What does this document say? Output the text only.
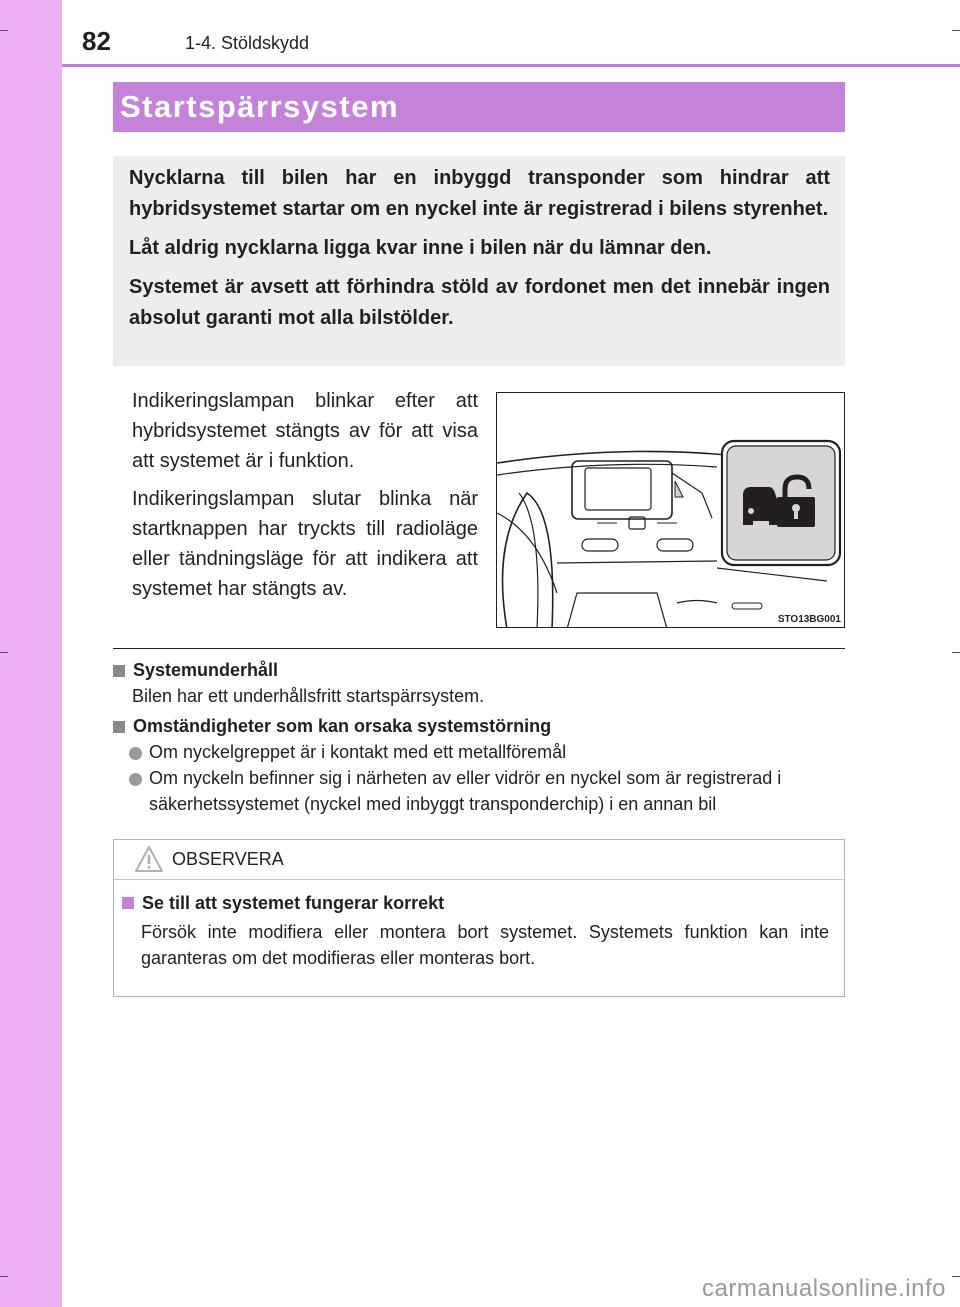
82	1-4. Stöldskydd
Startspärrsystem

Nycklarna till bilen har en inbyggd transponder som hindrar att hybridsystemet startar om en nyckel inte är registrerad i bilens styrenhet.

Låt aldrig nycklarna ligga kvar inne i bilen när du lämnar den.

Systemet är avsett att förhindra stöld av fordonet men det innebär ingen absolut garanti mot alla bilstölder.

Indikeringslampan blinkar efter att hybridsystemet stängts av för att visa att systemet är i funktion.

Indikeringslampan slutar blinka när startknappen har tryckts till radioläge eller tändningsläge för att indikera att systemet har stängts av.

STO13BG001
Systemunderhåll
Bilen har ett underhållsfritt startspärrsystem.
Omständigheter som kan orsaka systemstörning
Om nyckelgreppet är i kontakt med ett metallföremål
Om nyckeln befinner sig i närheten av eller vidrör en nyckel som är registrerad i säkerhetssystemet (nyckel med inbyggt transponderchip) i en annan bil
OBSERVERA
Se till att systemet fungerar korrekt
Försök inte modifiera eller montera bort systemet. Systemets funktion kan inte garanteras om det modifieras eller monteras bort.
carmanualsonline.info
